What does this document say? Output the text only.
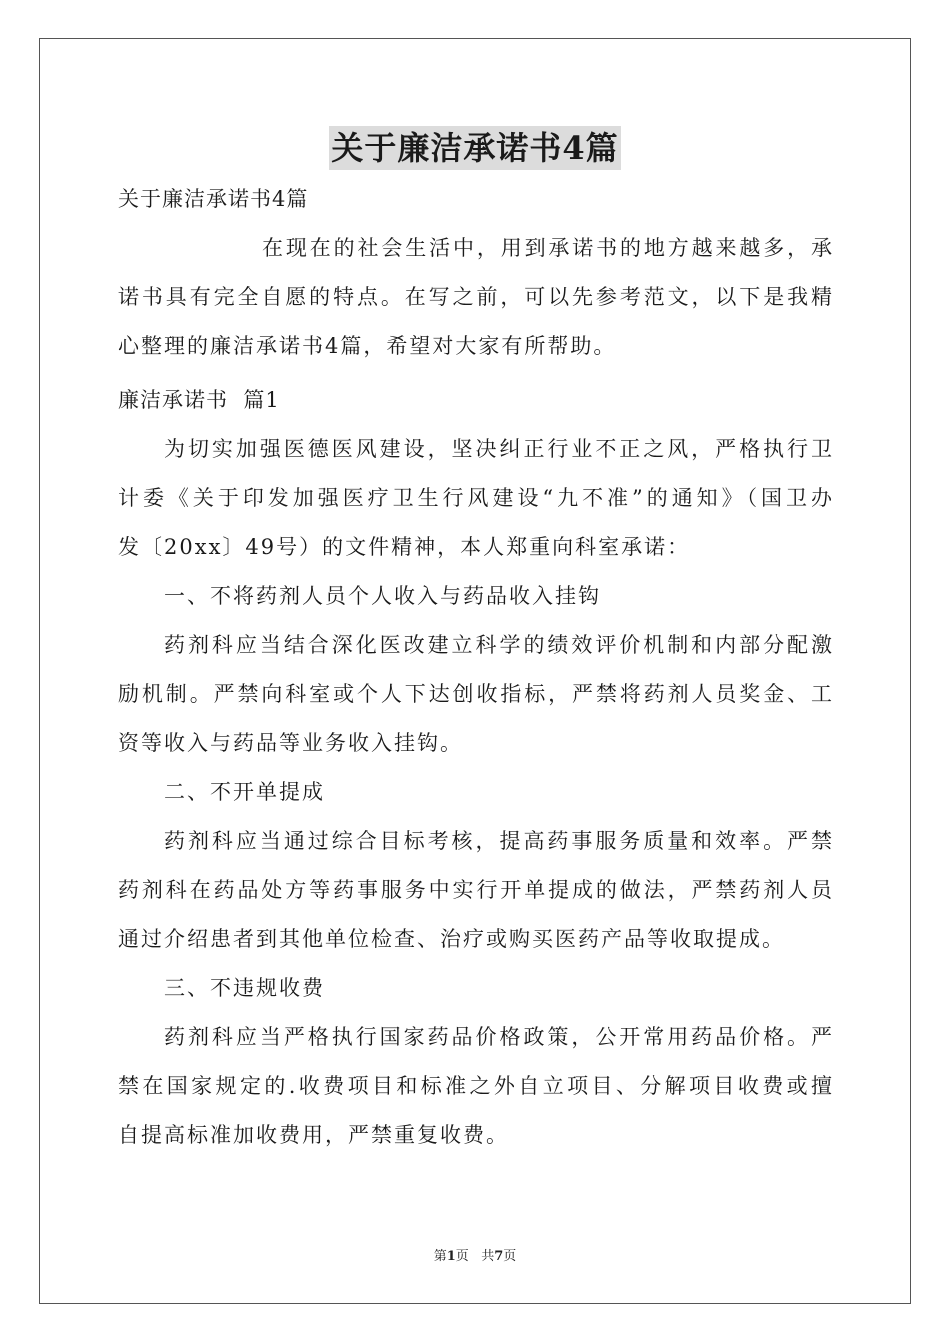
关于廉洁承诺书4篇

关于廉洁承诺书4篇

在现在的社会生活中，用到承诺书的地方越来越多，承
诺书具有完全自愿的特点。在写之前，可以先参考范文，以下是我精
心整理的廉洁承诺书4篇，希望对大家有所帮助。

廉洁承诺书  篇1

为切实加强医德医风建设，坚决纠正行业不正之风，严格执行卫
计委《关于印发加强医疗卫生行风建设“九不准”的通知》（国卫办
发〔20xx〕49号）的文件精神，本人郑重向科室承诺：

一、不将药剂人员个人收入与药品收入挂钩

药剂科应当结合深化医改建立科学的绩效评价机制和内部分配激
励机制。严禁向科室或个人下达创收指标，严禁将药剂人员奖金、工
资等收入与药品等业务收入挂钩。

二、不开单提成

药剂科应当通过综合目标考核，提高药事服务质量和效率。严禁
药剂科在药品处方等药事服务中实行开单提成的做法，严禁药剂人员
通过介绍患者到其他单位检查、治疗或购买医药产品等收取提成。

三、不违规收费

药剂科应当严格执行国家药品价格政策，公开常用药品价格。严
禁在国家规定的.收费项目和标准之外自立项目、分解项目收费或擅
自提高标准加收费用，严禁重复收费。

第1页 共7页
